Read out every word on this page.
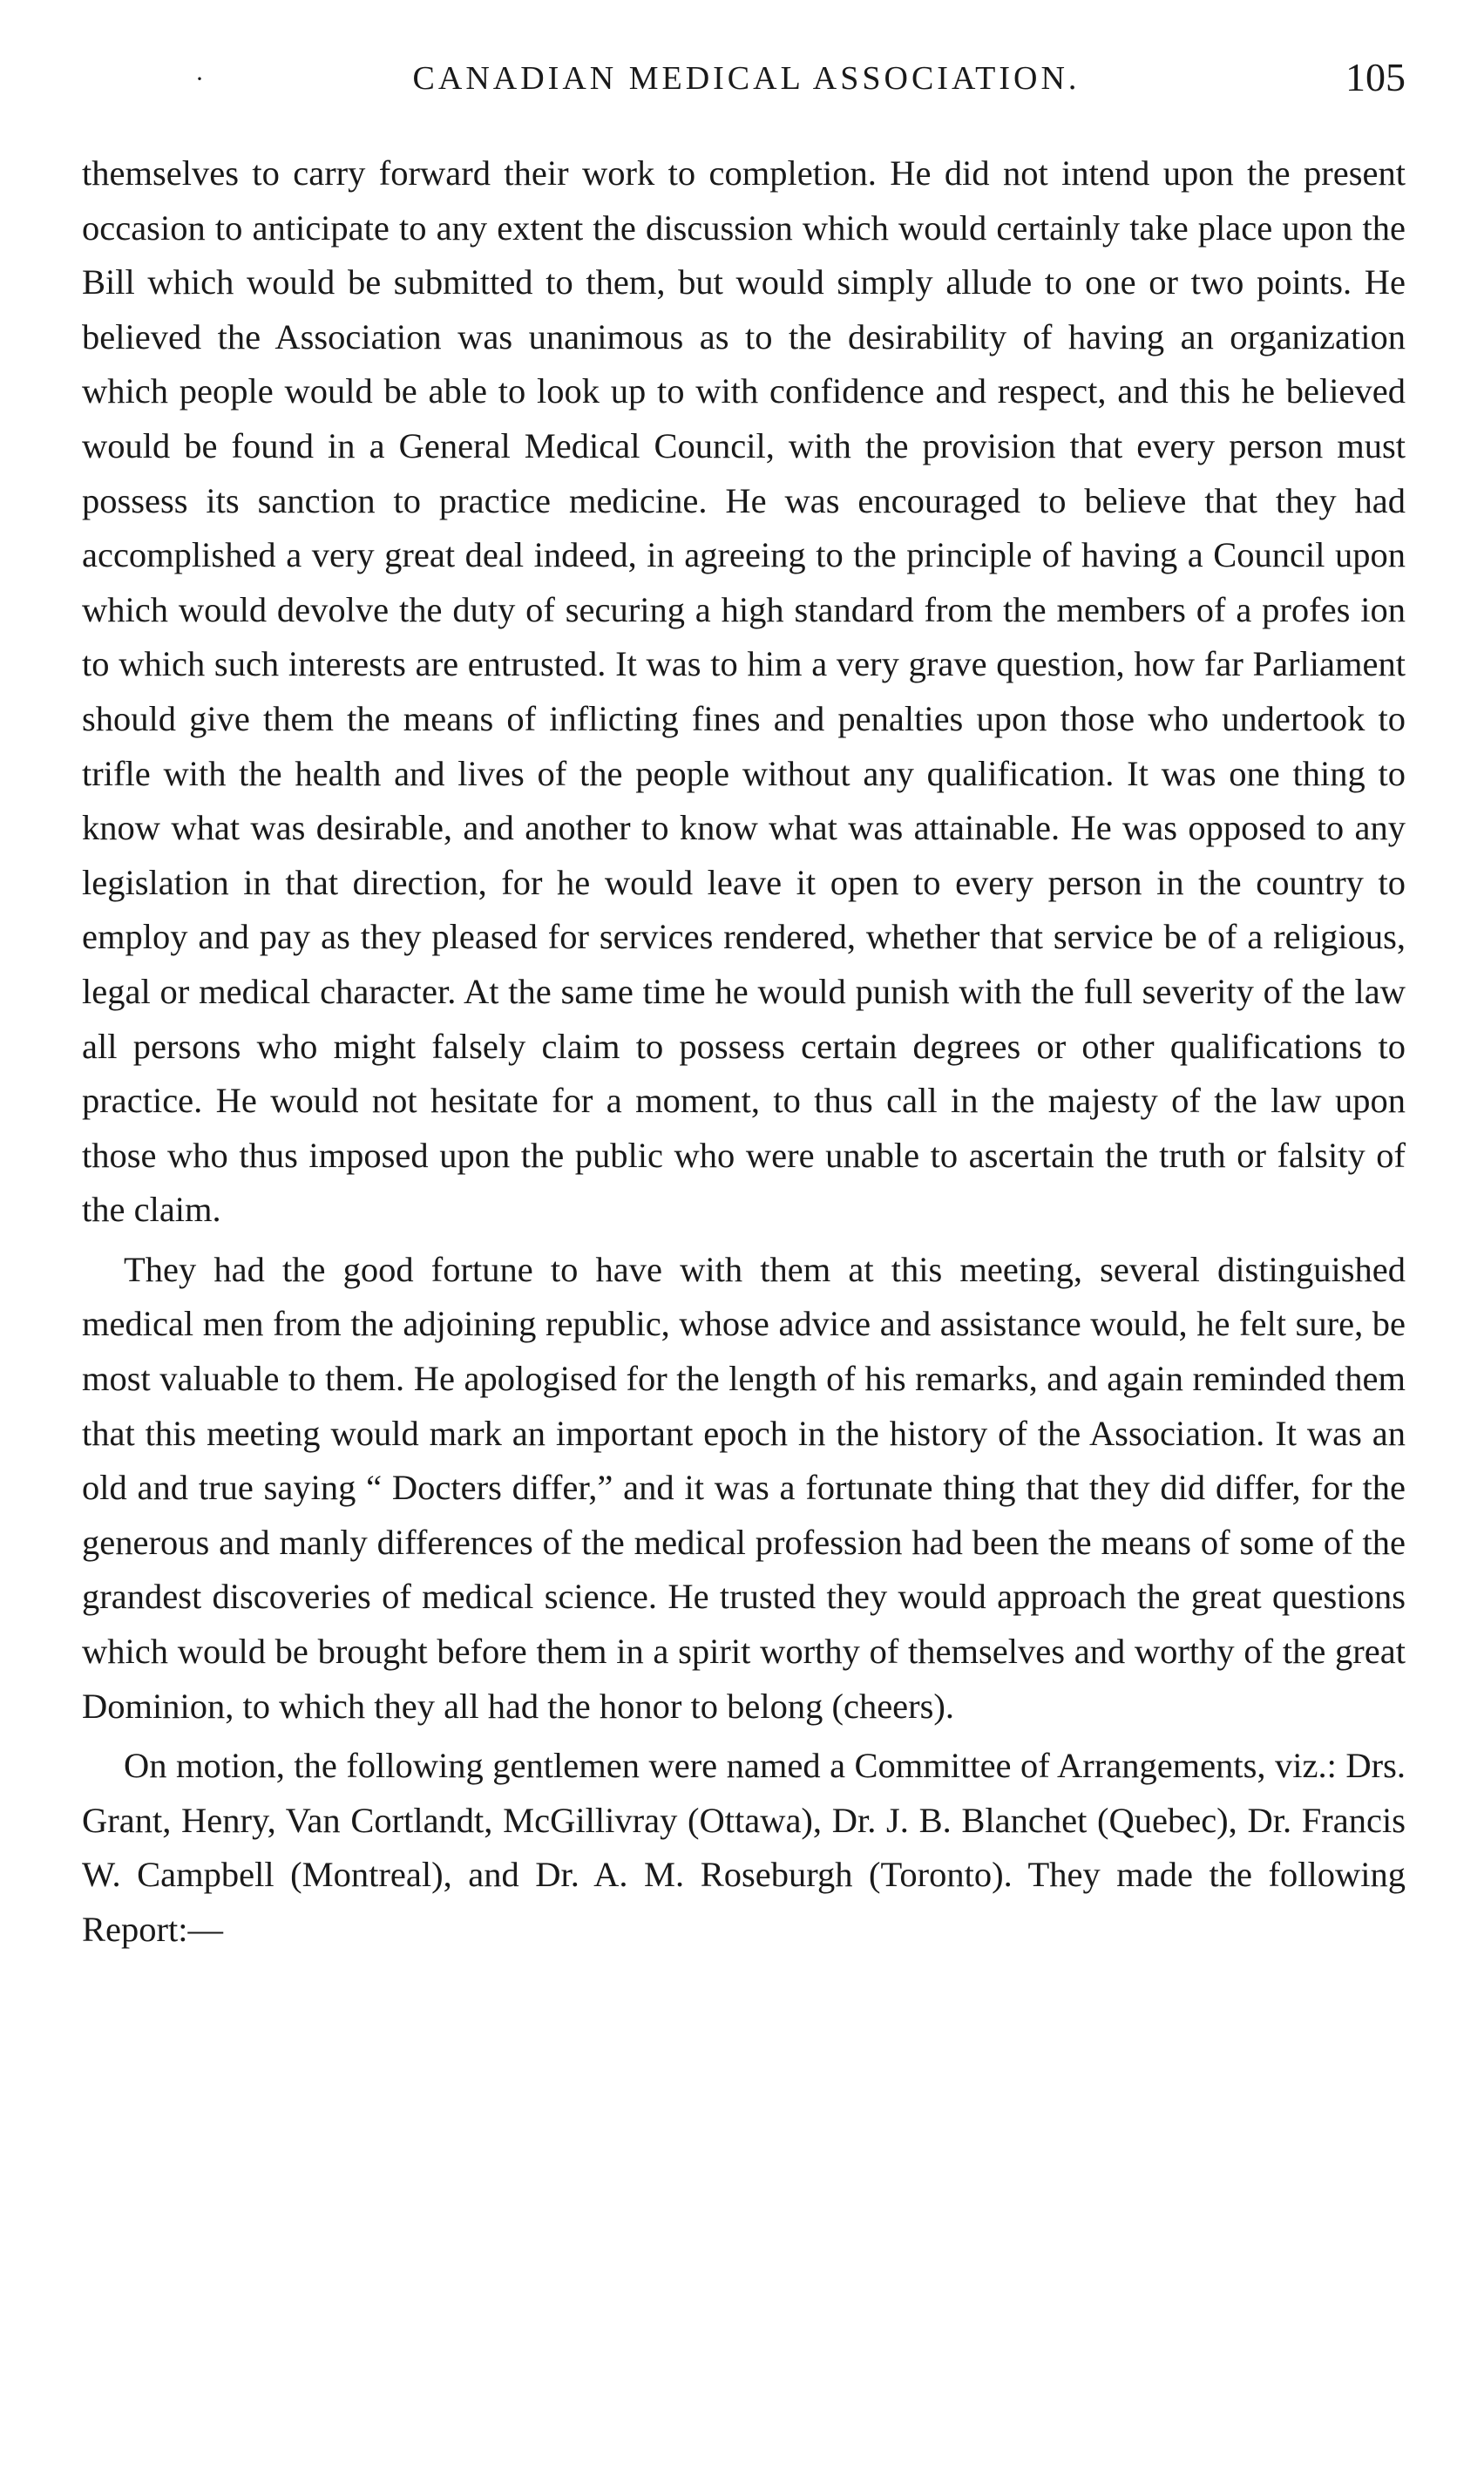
·	CANADIAN MEDICAL ASSOCIATION.	105

themselves to carry forward their work to completion. He did not intend upon the present occasion to anticipate to any extent the discussion which would certainly take place upon the Bill which would be submitted to them, but would simply allude to one or two points. He believed the Association was unanimous as to the desirability of having an organization which people would be able to look up to with confidence and respect, and this he believed would be found in a General Medical Council, with the provision that every person must possess its sanction to practice medicine. He was encouraged to believe that they had accomplished a very great deal indeed, in agreeing to the principle of having a Council upon which would devolve the duty of securing a high standard from the members of a profes ion to which such interests are entrusted. It was to him a very grave question, how far Parliament should give them the means of inflicting fines and penalties upon those who undertook to trifle with the health and lives of the people without any qualification. It was one thing to know what was desirable, and another to know what was attainable. He was opposed to any legislation in that direction, for he would leave it open to every person in the country to employ and pay as they pleased for services rendered, whether that service be of a religious, legal or medical character. At the same time he would punish with the full severity of the law all persons who might falsely claim to possess certain degrees or other qualifications to practice. He would not hesitate for a moment, to thus call in the majesty of the law upon those who thus imposed upon the public who were unable to ascertain the truth or falsity of the claim.

They had the good fortune to have with them at this meeting, several distinguished medical men from the adjoining republic, whose advice and assistance would, he felt sure, be most valuable to them. He apologised for the length of his remarks, and again reminded them that this meeting would mark an important epoch in the history of the Association. It was an old and true saying “ Docters differ,” and it was a fortunate thing that they did differ, for the generous and manly differences of the medical profession had been the means of some of the grandest discoveries of medical science. He trusted they would approach the great questions which would be brought before them in a spirit worthy of themselves and worthy of the great Dominion, to which they all had the honor to belong (cheers).

On motion, the following gentlemen were named a Committee of Arrangements, viz.: Drs. Grant, Henry, Van Cortlandt, McGillivray (Ottawa), Dr. J. B. Blanchet (Quebec), Dr. Francis W. Campbell (Montreal), and Dr. A. M. Roseburgh (Toronto). They made the following Report:—
